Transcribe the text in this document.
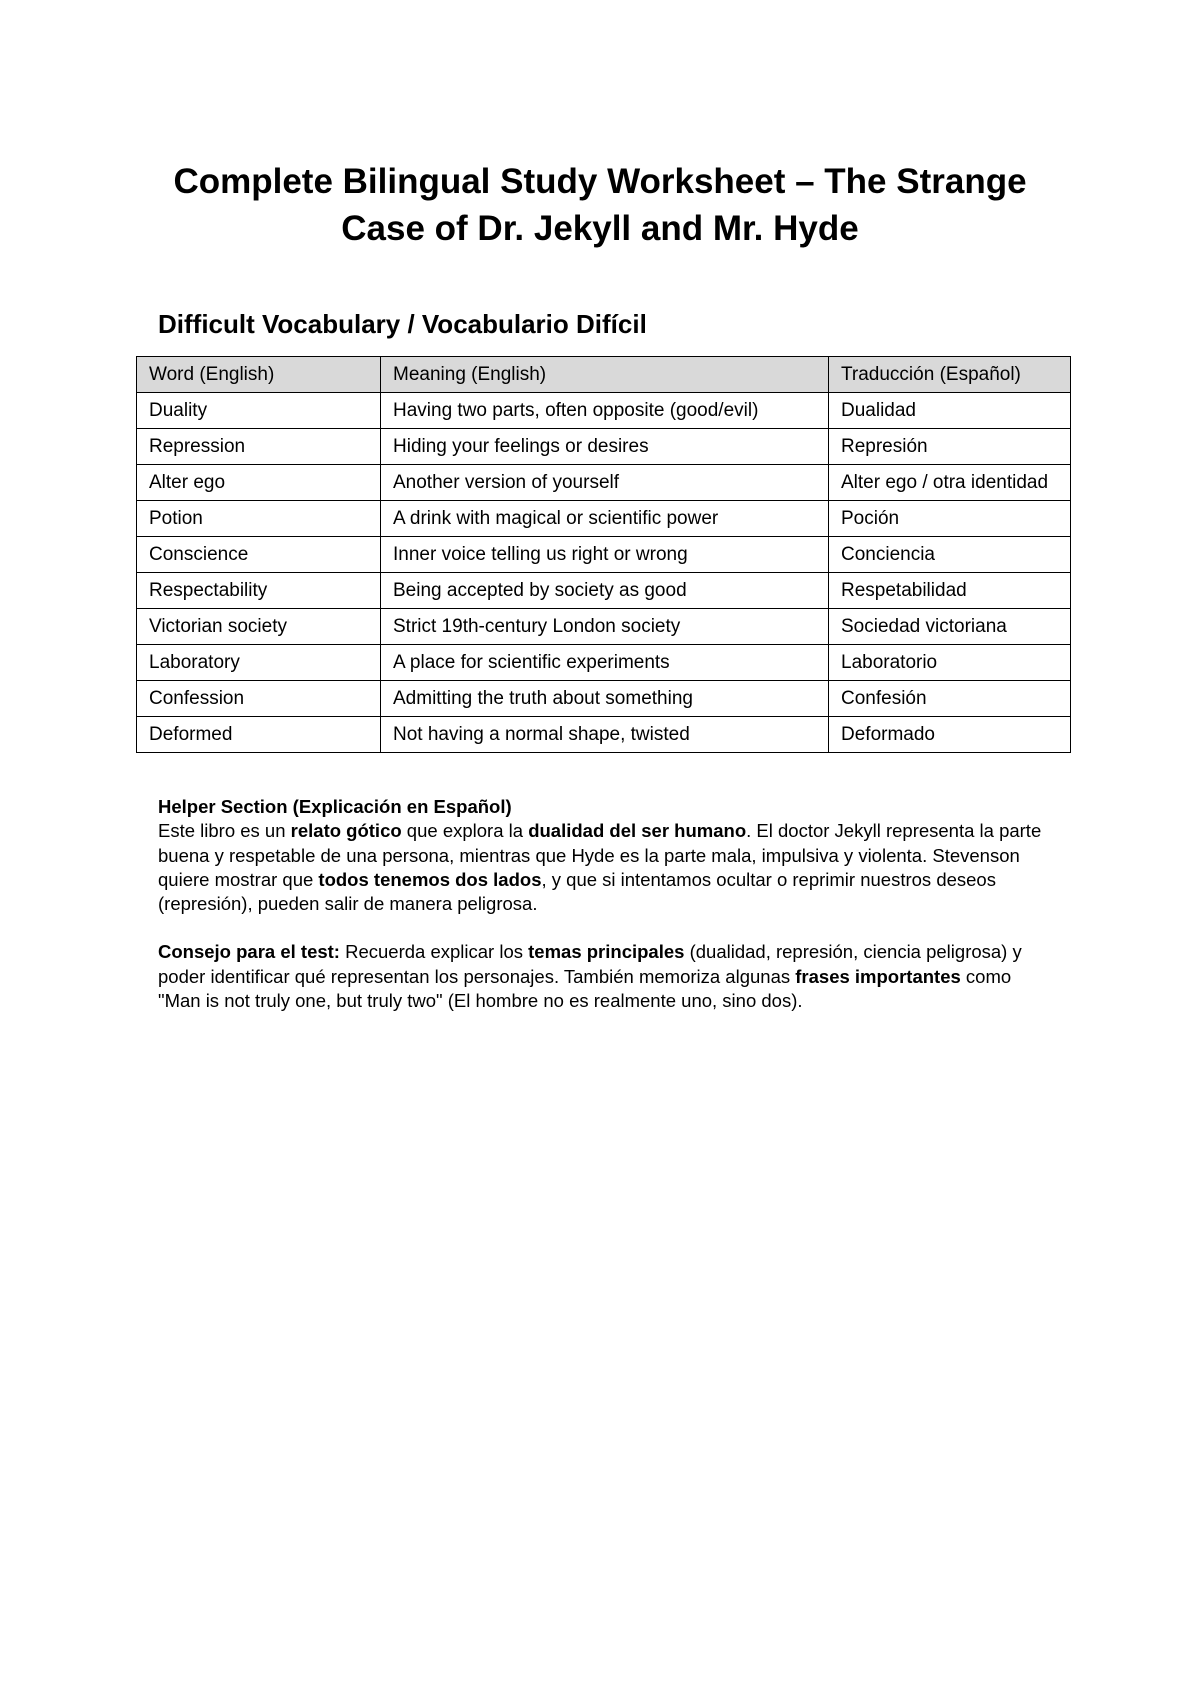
Complete Bilingual Study Worksheet – The Strange
Case of Dr. Jekyll and Mr. Hyde
Difficult Vocabulary / Vocabulario Difícil
Word (English)	Meaning (English)	Traducción (Español)
Duality	Having two parts, often opposite (good/evil)	Dualidad
Repression	Hiding your feelings or desires	Represión
Alter ego	Another version of yourself	Alter ego / otra identidad
Potion	A drink with magical or scientific power	Poción
Conscience	Inner voice telling us right or wrong	Conciencia
Respectability	Being accepted by society as good	Respetabilidad
Victorian society	Strict 19th-century London society	Sociedad victoriana
Laboratory	A place for scientific experiments	Laboratorio
Confession	Admitting the truth about something	Confesión
Deformed	Not having a normal shape, twisted	Deformado

Helper Section (Explicación en Español)

Este libro es un relato gótico que explora la dualidad del ser humano. El doctor Jekyll representa la parte buena y respetable de una persona, mientras que Hyde es la parte mala, impulsiva y violenta. Stevenson quiere mostrar que todos tenemos dos lados, y que si intentamos ocultar o reprimir nuestros deseos (represión), pueden salir de manera peligrosa.

Consejo para el test: Recuerda explicar los temas principales (dualidad, represión, ciencia peligrosa) y poder identificar qué representan los personajes. También memoriza algunas frases importantes como "Man is not truly one, but truly two" (El hombre no es realmente uno, sino dos).
